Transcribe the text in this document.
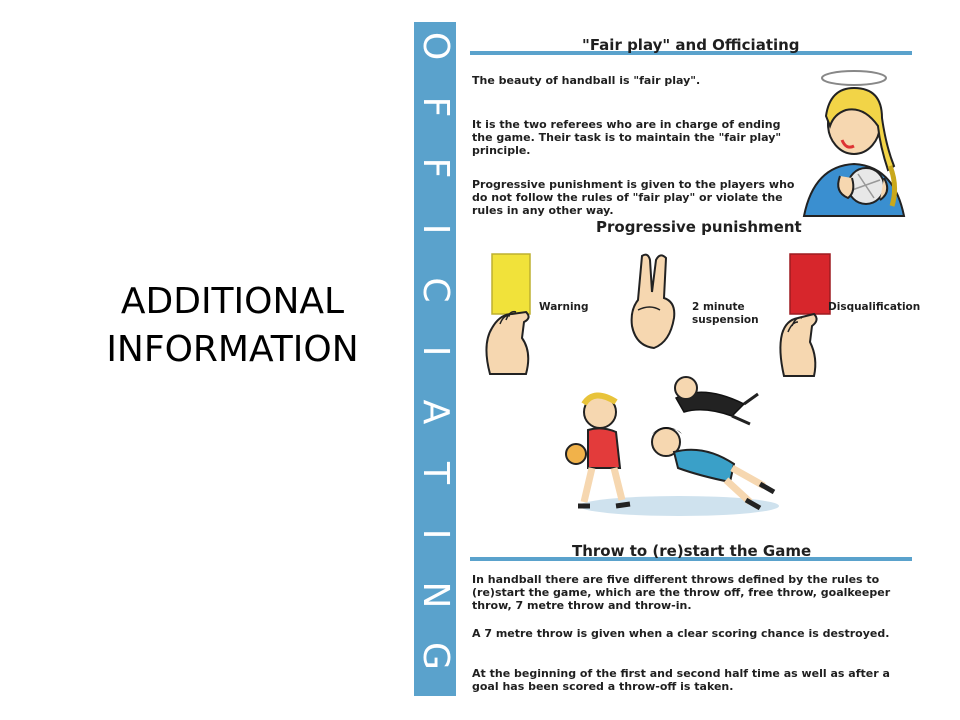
ADDITIONAL
INFORMATION
O
F
F
I
C
I
A
T
I
N
G
"Fair play" and Officiating
The beauty of handball is "fair play".
It is the two referees who are in charge of ending the game. Their task is to maintain the "fair play" principle.
Progressive punishment is given to the players who do not follow the rules of "fair play" or violate the rules in any other way.
Progressive punishment
Warning	2 minute suspension
Disqualification
Throw to (re)start the Game
In handball there are five different throws defined by the rules to (re)start the game, which are the throw off, free throw, goalkeeper throw, 7 metre throw and throw-in.
A 7 metre throw is given when a clear scoring chance is destroyed.
At the beginning of the first and second half time as well as after a goal has been scored a throw-off is taken.
